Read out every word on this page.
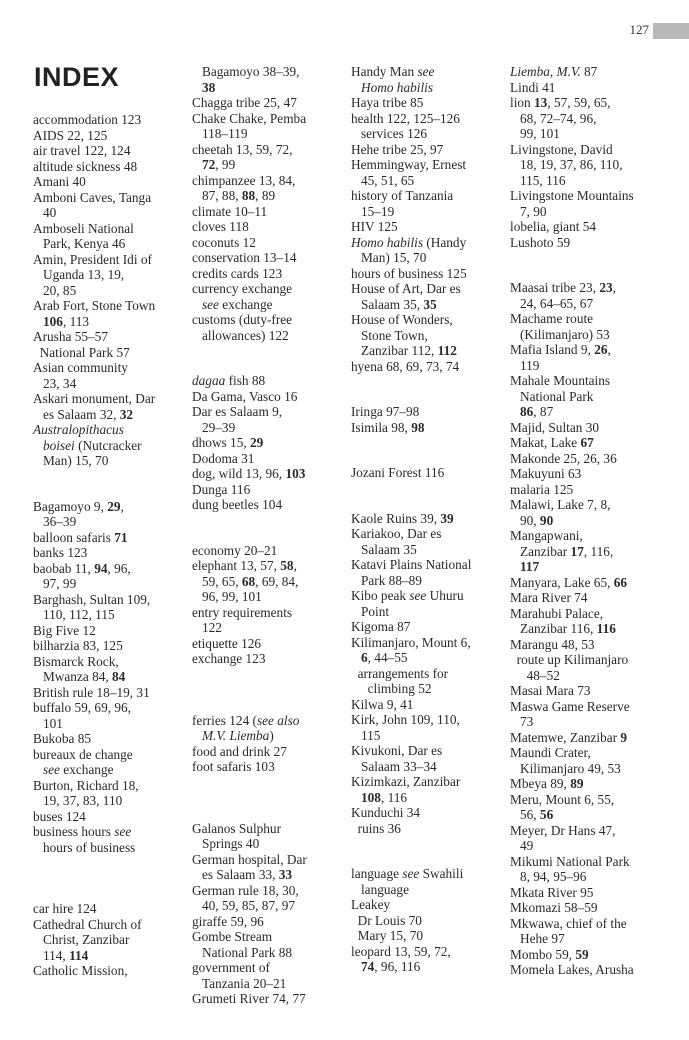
127
INDEX
accommodation 123
AIDS 22, 125
air travel 122, 124
altitude sickness 48
Amani 40
Amboni Caves, Tanga
40
Amboseli National
Park, Kenya 46
Amin, President Idi of
Uganda 13, 19,
20, 85
Arab Fort, Stone Town
106, 113
Arusha 55–57
National Park 57
Asian community
23, 34
Askari monument, Dar
es Salaam 32, 32
Australopithacus
boisei (Nutcracker
Man) 15, 70
Bagamoyo 9, 29,
36–39
balloon safaris 71
banks 123
baobab 11, 94, 96,
97, 99
Barghash, Sultan 109,
110, 112, 115
Big Five 12
bilharzia 83, 125
Bismarck Rock,
Mwanza 84, 84
British rule 18–19, 31
buffalo 59, 69, 96,
101
Bukoba 85
bureaux de change
see exchange
Burton, Richard 18,
19, 37, 83, 110
buses 124
business hours see
hours of business
car hire 124
Cathedral Church of
Christ, Zanzibar
114, 114
Catholic Mission,
Bagamoyo 38–39,
38
Chagga tribe 25, 47
Chake Chake, Pemba
118–119
cheetah 13, 59, 72,
72, 99
chimpanzee 13, 84,
87, 88, 88, 89
climate 10–11
cloves 118
coconuts 12
conservation 13–14
credits cards 123
currency exchange
see exchange
customs (duty-free
allowances) 122
dagaa fish 88
Da Gama, Vasco 16
Dar es Salaam 9,
29–39
dhows 15, 29
Dodoma 31
dog, wild 13, 96, 103
Dunga 116
dung beetles 104
economy 20–21
elephant 13, 57, 58,
59, 65, 68, 69, 84,
96, 99, 101
entry requirements
122
etiquette 126
exchange 123
ferries 124 (see also
M.V. Liemba)
food and drink 27
foot safaris 103
Galanos Sulphur
Springs 40
German hospital, Dar
es Salaam 33, 33
German rule 18, 30,
40, 59, 85, 87, 97
giraffe 59, 96
Gombe Stream
National Park 88
government of
Tanzania 20–21
Grumeti River 74, 77
Handy Man see
Homo habilis
Haya tribe 85
health 122, 125–126
services 126
Hehe tribe 25, 97
Hemmingway, Ernest
45, 51, 65
history of Tanzania
15–19
HIV 125
Homo habilis (Handy
Man) 15, 70
hours of business 125
House of Art, Dar es
Salaam 35, 35
House of Wonders,
Stone Town,
Zanzibar 112, 112
hyena 68, 69, 73, 74
Iringa 97–98
Isimila 98, 98
Jozani Forest 116
Kaole Ruins 39, 39
Kariakoo, Dar es
Salaam 35
Katavi Plains National
Park 88–89
Kibo peak see Uhuru
Point
Kigoma 87
Kilimanjaro, Mount 6,
6, 44–55
arrangements for
climbing 52
Kilwa 9, 41
Kirk, John 109, 110,
115
Kivukoni, Dar es
Salaam 33–34
Kizimkazi, Zanzibar
108, 116
Kunduchi 34
ruins 36
language see Swahili
language
Leakey
Dr Louis 70
Mary 15, 70
leopard 13, 59, 72,
74, 96, 116
Liemba, M.V. 87
Lindi 41
lion 13, 57, 59, 65,
68, 72–74, 96,
99, 101
Livingstone, David
18, 19, 37, 86, 110,
115, 116
Livingstone Mountains
7, 90
lobelia, giant 54
Lushoto 59
Maasai tribe 23, 23,
24, 64–65, 67
Machame route
(Kilimanjaro) 53
Mafia Island 9, 26,
119
Mahale Mountains
National Park
86, 87
Majid, Sultan 30
Makat, Lake 67
Makonde 25, 26, 36
Makuyuni 63
malaria 125
Malawi, Lake 7, 8,
90, 90
Mangapwani,
Zanzibar 17, 116,
117
Manyara, Lake 65, 66
Mara River 74
Marahubi Palace,
Zanzibar 116, 116
Marangu 48, 53
route up Kilimanjaro
48–52
Masai Mara 73
Maswa Game Reserve
73
Matemwe, Zanzibar 9
Maundi Crater,
Kilimanjaro 49, 53
Mbeya 89, 89
Meru, Mount 6, 55,
56, 56
Meyer, Dr Hans 47,
49
Mikumi National Park
8, 94, 95–96
Mkata River 95
Mkomazi 58–59
Mkwawa, chief of the
Hehe 97
Mombo 59, 59
Momela Lakes, Arusha
